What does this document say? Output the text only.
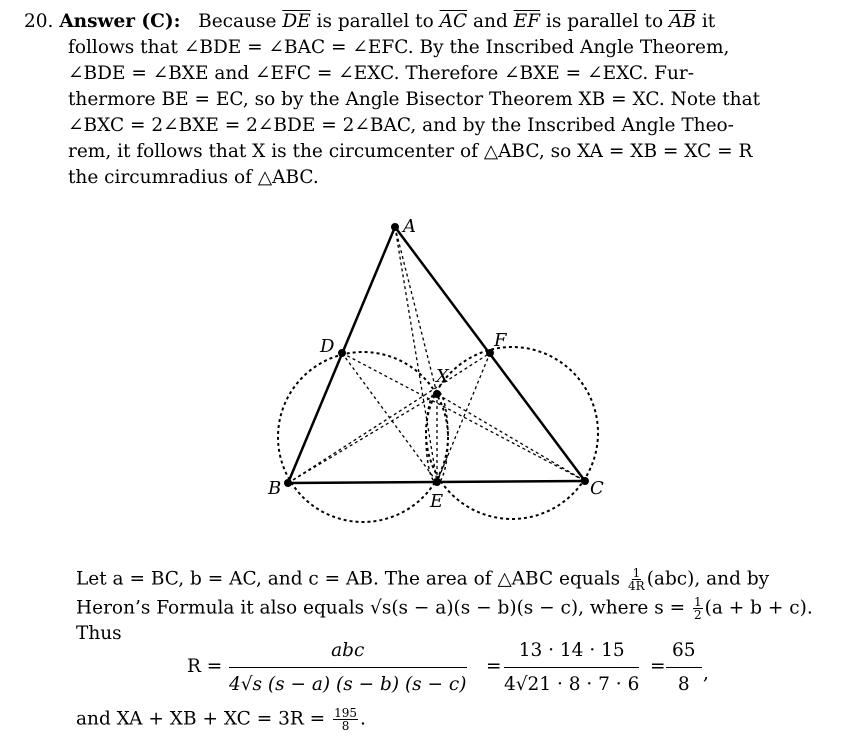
20. Answer (C): Because $\overline{DE}$ is parallel to $\overline{AC}$ and $\overline{EF}$ is parallel to $\overline{AB}$ it
follows that ∠BDE = ∠BAC = ∠EFC. By the Inscribed Angle Theorem,
∠BDE = ∠BXE and ∠EFC = ∠EXC. Therefore ∠BXE = ∠EXC. Fur-
thermore BE = EC, so by the Angle Bisector Theorem XB = XC. Note that
∠BXC = 2∠BXE = 2∠BDE = 2∠BAC, and by the Inscribed Angle Theo-
rem, it follows that X is the circumcenter of △ABC, so XA = XB = XC = R
the circumradius of △ABC.
A
B	C
D
E
F
X
Let a = BC, b = AC, and c = AB. The area of △ABC equals $\frac{1}{4R} (abc)$, and by
Heron’s Formula it also equals √s(s − a)(s − b)(s − c), where $s = \frac{1}{2} (a + b + c)$.
Thus
R =
abc
4√s (s − a) (s − b) (s − c)
=
13 · 14 · 15
4√21 · 8 · 7 · 6
=
65
8
,
and XA + XB + XC = $3R = \frac{195}{8}$ .
